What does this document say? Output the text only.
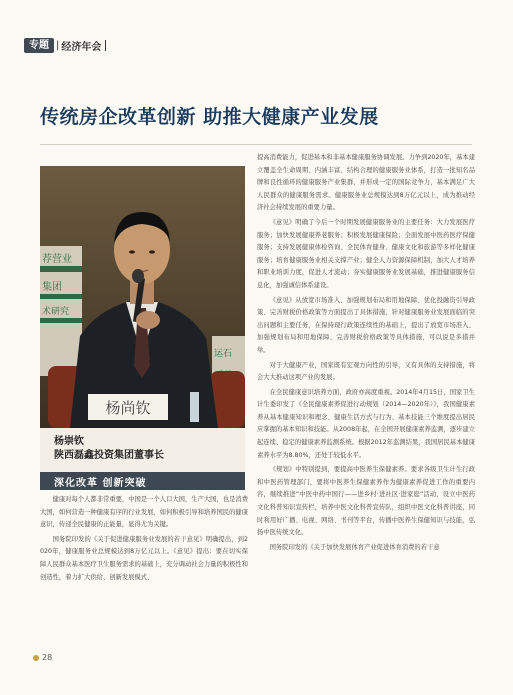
专题 | 经济年会
传统房企改革创新 助推大健康产业发展
荐营业
集团
术研究
运石
杨尚钦
杨崇钦
陕西磊鑫投资集团董事长
深化改革 创新突破

健康对每个人都非常重要，中国是一个人口大国，生产大国，也是消费大国，如何营造一种健康有序的行业发展，如何积极引导和培养国民的健康意识，传递全民健康的正能量，显得尤为关键。

国务院印发的《关于促进健康服务业发展的若干意见》明确提出，到2020年，健康服务业总规模达到8万亿元以上。《意见》提出：要在切实保障人民群众基本医疗卫生服务需求的基础上，充分调动社会力量的积极性和创造性，着力扩大供给、创新发展模式、

提高消费能力，促进基本和非基本健康服务协调发展。力争到2020年，基本建立覆盖全生命周期、内涵丰富、结构合理的健康服务业体系，打造一批知名品牌和良性循环的健康服务产业集群，并形成一定的国际竞争力，基本满足广大人民群众的健康服务需求。健康服务业总规模达到8万亿元以上，成为推动经济社会持续发展的重要力量。

《意见》明确了今后一个时期发展健康服务业的主要任务：大力发展医疗服务；加快发展健康养老服务；积极发展健康保险；全面发展中医药医疗保健服务；支持发展健康体检咨询、全民体育健身、健康文化和旅游等多样化健康服务；培育健康服务业相关支撑产业；健全人力资源保障机制，加大人才培养和职业培训力度，促进人才流动；夯实健康服务业发展基础，推进健康服务信息化，加强诚信体系建设。

《意见》从放宽市场准入、加强规划布局和用地保障、优化投融资引导政策、完善财税价格政策等方面提出了具体措施，针对健康服务业发展面临的突出问题和主要任务，在保持现行政策连续性的基础上，提出了放宽市场准入、加强规划布局和用地保障、完善财税价格政策等具体措施，可以说是多措并举。

对于大健康产业，国家既有宏观方向性的引导，又有具体的支持措施，将会大大推动这项产业的发展。

在全民健康意识培养方面，政府亦高度重视。2014年4月15日，国家卫生计生委印发了《全民健康素养促进行动规划（2014—2020年）》，我国健康素养从基本健康知识和理念、健康生活方式与行为、基本技能三个维度提出居民应掌握的基本知识和技能。从2008年起，在全国开展健康素养监测，逐步建立起连续、稳定的健康素养监测系统。根据2012年监测结果，我国居民基本健康素养水平为8.80%，还处于较低水平。

《规划》中特别提到，要提高中医养生保健素养。要求各级卫生计生行政和中医药管理部门，要将中医养生保健素养作为健康素养促进工作的重要内容，继续推进“中医中药中国行——进乡村·进社区·进家庭”活动，设立中医药文化科普知识宣传栏，培养中医文化科普宣传队，组织中医文化科普讲座，同时利用好广播、电视、网络、书刊等平台，传播中医养生保健知识与技能，弘扬中医传统文化。

国务院印发的《关于加快发展体育产业促进体育消费的若干意

28
